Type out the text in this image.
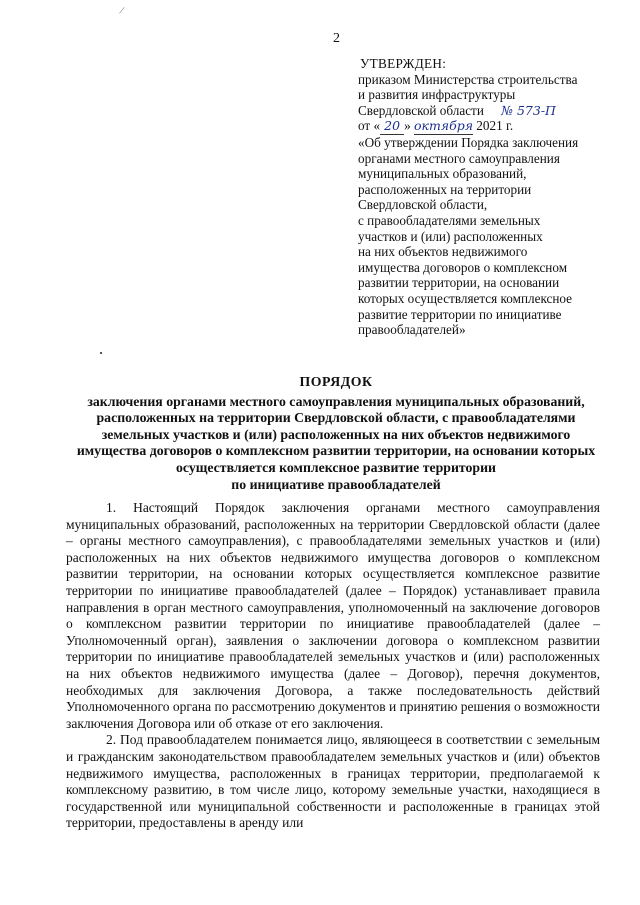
2
/
УТВЕРЖДЕН:
приказом Министерства строительства
и развития инфраструктуры
Свердловской области № 573-П
от « 20 » октября 2021 г.
«Об утверждении Порядка заключения
органами местного самоуправления
муниципальных образований,
расположенных на территории
Свердловской области,
с правообладателями земельных
участков и (или) расположенных
на них объектов недвижимого
имущества договоров о комплексном
развитии территории, на основании
которых осуществляется комплексное
развитие территории по инициативе
правообладателей»
ПОРЯДОК
заключения органами местного самоуправления муниципальных образований,
расположенных на территории Свердловской области, с правообладателями
земельных участков и (или) расположенных на них объектов недвижимого
имущества договоров о комплексном развитии территории, на основании которых
осуществляется комплексное развитие территории
по инициативе правообладателей

1. Настоящий Порядок заключения органами местного самоуправления муниципальных образований, расположенных на территории Свердловской области (далее – органы местного самоуправления), с правообладателями земельных участков и (или) расположенных на них объектов недвижимого имущества договоров о комплексном развитии территории, на основании которых осуществляется комплексное развитие территории по инициативе правообладателей (далее – Порядок) устанавливает правила направления в орган местного самоуправления, уполномоченный на заключение договоров о комплексном развитии территории по инициативе правообладателей (далее – Уполномоченный орган), заявления о заключении договора о комплексном развитии территории по инициативе правообладателей земельных участков и (или) расположенных на них объектов недвижимого имущества (далее – Договор), перечня документов, необходимых для заключения Договора, а также последовательность действий Уполномоченного органа по рассмотрению документов и принятию решения о возможности заключения Договора или об отказе от его заключения.

2. Под правообладателем понимается лицо, являющееся в соответствии с земельным и гражданским законодательством правообладателем земельных участков и (или) объектов недвижимого имущества, расположенных в границах территории, предполагаемой к комплексному развитию, в том числе лицо, которому земельные участки, находящиеся в государственной или муниципальной собственности и расположенные в границах этой территории, предоставлены в аренду или
